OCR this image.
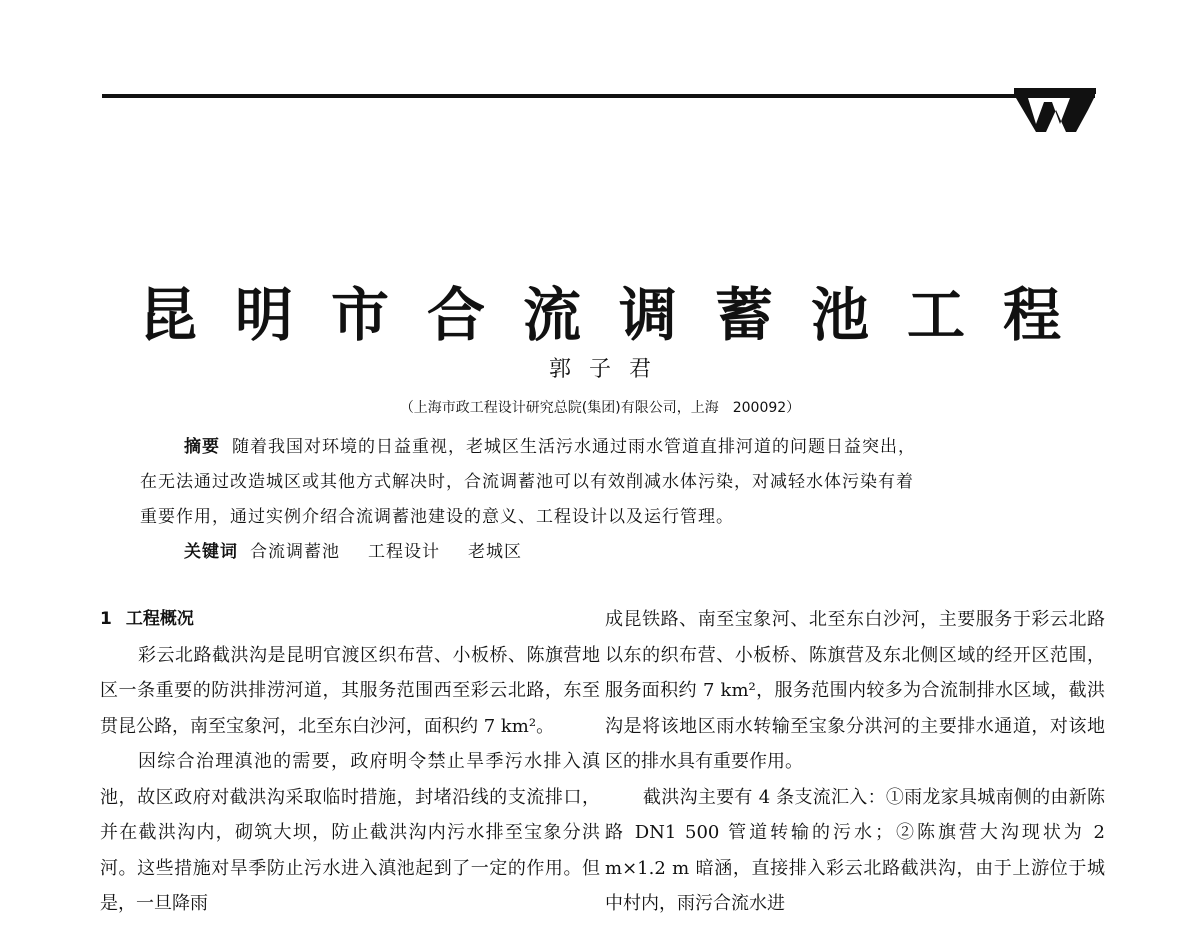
昆明市合流调蓄池工程
郭子君
（上海市政工程设计研究总院(集团)有限公司，上海　200092）

摘要 随着我国对环境的日益重视，老城区生活污水通过雨水管道直排河道的问题日益突出，

在无法通过改造城区或其他方式解决时，合流调蓄池可以有效削减水体污染，对减轻水体污染有着

重要作用，通过实例介绍合流调蓄池建设的意义、工程设计以及运行管理。

关键词 合流调蓄池 工程设计 老城区

1 工程概况

彩云北路截洪沟是昆明官渡区织布营、小板桥、陈旗营地区一条重要的防洪排涝河道，其服务范围西至彩云北路，东至贯昆公路，南至宝象河，北至东白沙河，面积约 7 km²。

因综合治理滇池的需要，政府明令禁止旱季污水排入滇池，故区政府对截洪沟采取临时措施，封堵沿线的支流排口，并在截洪沟内，砌筑大坝，防止截洪沟内污水排至宝象分洪河。这些措施对旱季防止污水进入滇池起到了一定的作用。但是，一旦降雨

成昆铁路、南至宝象河、北至东白沙河，主要服务于彩云北路以东的织布营、小板桥、陈旗营及东北侧区域的经开区范围，服务面积约 7 km²，服务范围内较多为合流制排水区域，截洪沟是将该地区雨水转输至宝象分洪河的主要排水通道，对该地区的排水具有重要作用。

截洪沟主要有 4 条支流汇入：①雨龙家具城南侧的由新陈路 DN1 500 管道转输的污水；②陈旗营大沟现状为 2 m×1.2 m 暗涵，直接排入彩云北路截洪沟，由于上游位于城中村内，雨污合流水进
